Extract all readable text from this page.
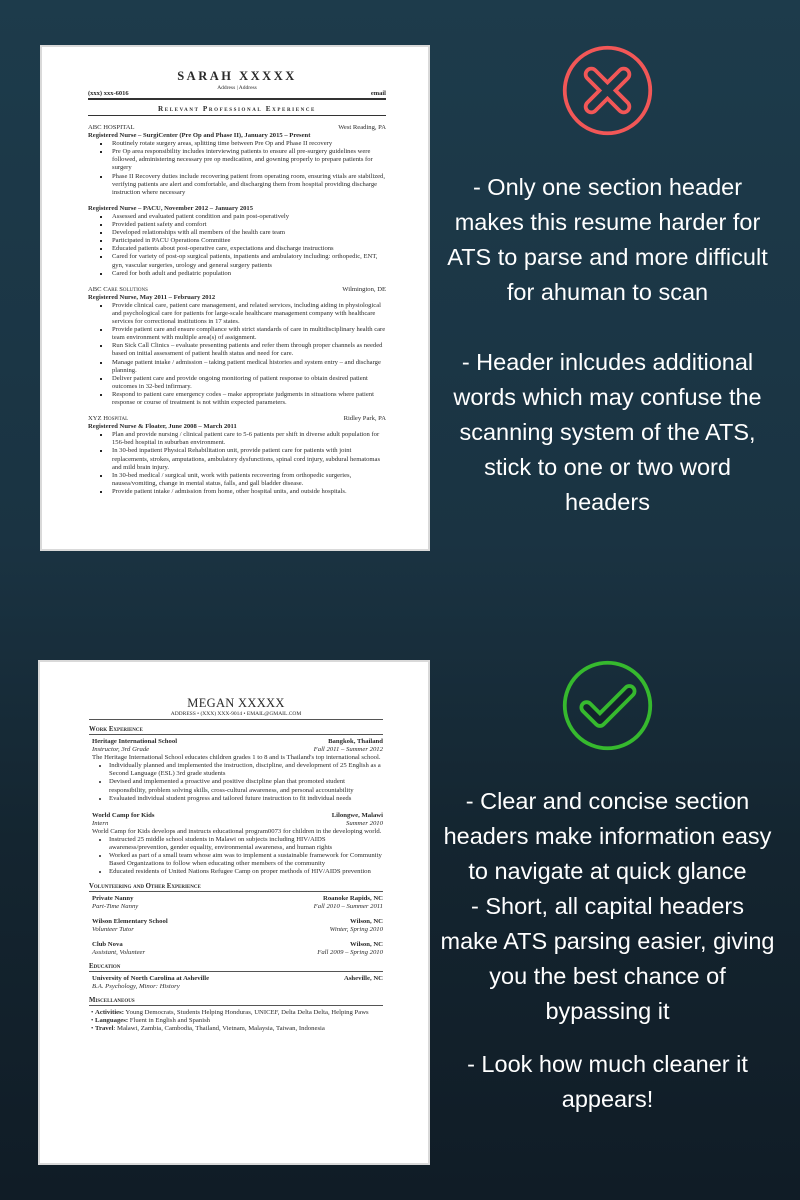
SARAH XXXXX
Address | Address
(xxx) xxx-6016	email
Relevant Professional Experience
ABC HOSPITAL	West Reading, PA
Registered Nurse – SurgiCenter (Pre Op and Phase II), January 2015 – Present
▪ Routinely rotate surgery areas, splitting time between Pre Op and Phase II recovery
▪ Pre Op area responsibility includes interviewing patients to ensure all pre-surgery guidelines were followed, administering necessary pre op medication, and gowning properly to prepare patients for surgery
▪ Phase II Recovery duties include recovering patient from operating room, ensuring vitals are stabilized, verifying patients are alert and comfortable, and discharging them from hospital providing discharge instruction where necessary
Registered Nurse – PACU, November 2012 – January 2015
▪ Assessed and evaluated patient condition and pain post-operatively
▪ Provided patient safety and comfort
▪ Developed relationships with all members of the health care team
▪ Participated in PACU Operations Committee
▪ Educated patients about post-operative care, expectations and discharge instructions
▪ Cared for variety of post-op surgical patients, inpatients and ambulatory including: orthopedic, ENT, gyn, vascular surgeries, urology and general surgery patients
▪ Cared for both adult and pediatric population
ABC Care Solutions	Wilmington, DE
Registered Nurse, May 2011 – February 2012
▪ Provide clinical care, patient care management, and related services, including aiding in physiological and psychological care for patients for large-scale healthcare management company with healthcare services for correctional institutions in 17 states.
▪ Provide patient care and ensure compliance with strict standards of care in multidisciplinary health care team environment with multiple area(s) of assignment.
▪ Run Sick Call Clinics – evaluate presenting patients and refer them through proper channels as needed based on initial assessment of patient health status and need for care.
▪ Manage patient intake / admission – taking patient medical histories and system entry – and discharge planning.
▪ Deliver patient care and provide ongoing monitoring of patient response to obtain desired patient outcomes in 32-bed infirmary.
▪ Respond to patient care emergency codes – make appropriate judgments in situations where patient response or course of treatment is not within expected parameters.
XYZ Hospital	Ridley Park, PA
Registered Nurse & Floater, June 2008 – March 2011
▪ Plan and provide nursing / clinical patient care to 5-6 patients per shift in diverse adult population for 156-bed hospital in suburban environment.
▪ In 30-bed inpatient Physical Rehabilitation unit, provide patient care for patients with joint replacements, strokes, amputations, ambulatory dysfunctions, spinal cord injury, subdural hematomas and mild brain injury.
▪ In 30-bed medical / surgical unit, work with patients recovering from orthopedic surgeries, nausea/vomiting, change in mental status, falls, and gall bladder disease.
▪ Provide patient intake / admission from home, other hospital units, and outside hospitals.

- Only one section header makes this resume harder for ATS to parse and more difficult for ahuman to scan

- Header inlcudes additional words which may confuse the scanning system of the ATS, stick to one or two word headers

MEGAN XXXXX
ADDRESS • (XXX) XXX-9014 • EMAIL@GMAIL.COM
Work Experience
Heritage International School	Bangkok, Thailand
Instructor, 3rd Grade	Fall 2011 – Summer 2012
The Heritage International School educates children grades 1 to 8 and is Thailand's top international school.
• Individually planned and implemented the instruction, discipline, and development of 25 English as a Second Language (ESL) 3rd grade students
• Devised and implemented a proactive and positive discipline plan that promoted student responsibility, problem solving skills, cross-cultural awareness, and personal accountability
• Evaluated individual student progress and tailored future instruction to fit individual needs
World Camp for Kids	Lilongwe, Malawi
Intern	Summer 2010
World Camp for Kids develops and instructs educational program0073 for children in the developing world.
• Instructed 25 middle school students in Malawi on subjects including HIV/AIDS awareness/prevention, gender equality, environmental awareness, and human rights
• Worked as part of a small team whose aim was to implement a sustainable framework for Community Based Organizations to follow when educating other members of the community
• Educated residents of United Nations Refugee Camp on proper methods of HIV/AIDS prevention
Volunteering and Other Experience
Private Nanny	Roanoke Rapids, NC
Part-Time Nanny	Fall 2010 – Summer 2011
Wilson Elementary School	Wilson, NC
Volunteer Tutor	Winter, Spring 2010
Club Nova	Wilson, NC
Assistant, Volunteer	Fall 2009 – Spring 2010
Education
University of North Carolina at Asheville	Asheville, NC
B.A. Psychology, Minor: History
Miscellaneous
• Activities: Young Democrats, Students Helping Honduras, UNICEF, Delta Delta Delta, Helping Paws
• Languages: Fluent in English and Spanish
• Travel: Malawi, Zambia, Cambodia, Thailand, Vietnam, Malaysia, Taiwan, Indonesia

- Clear and concise section headers make information easy to navigate at quick glance

- Short, all capital headers make ATS parsing easier, giving you the best chance of bypassing it

- Look how much cleaner it appears!
